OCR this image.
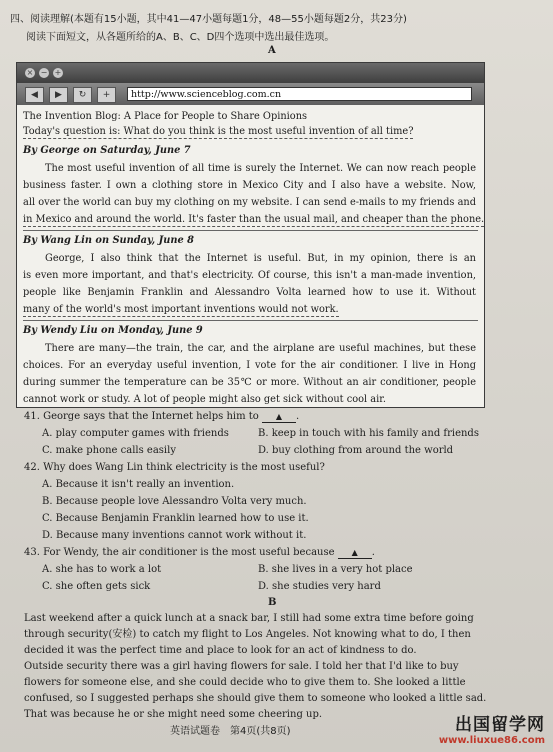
四、阅读理解(本题有15小题，其中41—47小题每题1分，48—55小题每题2分，共23分)
阅读下面短文，从各题所给的A、B、C、D四个选项中选出最佳选项。
A
× − +
◀	▶	↻	+	http://www.scienceblog.com.cn
The Invention Blog: A Place for People to Share Opinions
Today's question is: What do you think is the most useful invention of all time?
By George on Saturday, June 7
The most useful invention of all time is surely the Internet. We can now reach people
business faster. I own a clothing store in Mexico City and I also have a website. Now,
all over the world can buy my clothing on my website. I can send e-mails to my friends and
in Mexico and around the world. It's faster than the usual mail, and cheaper than the phone.
By Wang Lin on Sunday, June 8
George, I also think that the Internet is useful. But, in my opinion, there is an
is even more important, and that's electricity. Of course, this isn't a man-made invention,
people like Benjamin Franklin and Alessandro Volta learned how to use it. Without
many of the world's most important inventions would not work.
By Wendy Liu on Monday, June 9
There are many—the train, the car, and the airplane are useful machines, but these
choices. For an everyday useful invention, I vote for the air conditioner. I live in Hong
during summer the temperature can be 35℃ or more. Without an air conditioner, people
cannot work or study. A lot of people might also get sick without cool air.
41. George says that the Internet helps him to ▲ .
A. play computer games with friends	B. keep in touch with his family and friends
C. make phone calls easily	D. buy clothing from around the world
42. Why does Wang Lin think electricity is the most useful?
A. Because it isn't really an invention.
B. Because people love Alessandro Volta very much.
C. Because Benjamin Franklin learned how to use it.
D. Because many inventions cannot work without it.
43. For Wendy, the air conditioner is the most useful because ▲ .
A. she has to work a lot	B. she lives in a very hot place
C. she often gets sick	D. she studies very hard
B
Last weekend after a quick lunch at a snack bar, I still had some extra time before going
through security(安检) to catch my flight to Los Angeles. Not knowing what to do, I then
decided it was the perfect time and place to look for an act of kindness to do.
Outside security there was a girl having flowers for sale. I told her that I'd like to buy
flowers for someone else, and she could decide who to give them to. She looked a little
confused, so I suggested perhaps she should give them to someone who looked a little sad.
That was because he or she might need some cheering up.
英语试题卷　第4页(共8页)	出国留学网
www.liuxue86.com
